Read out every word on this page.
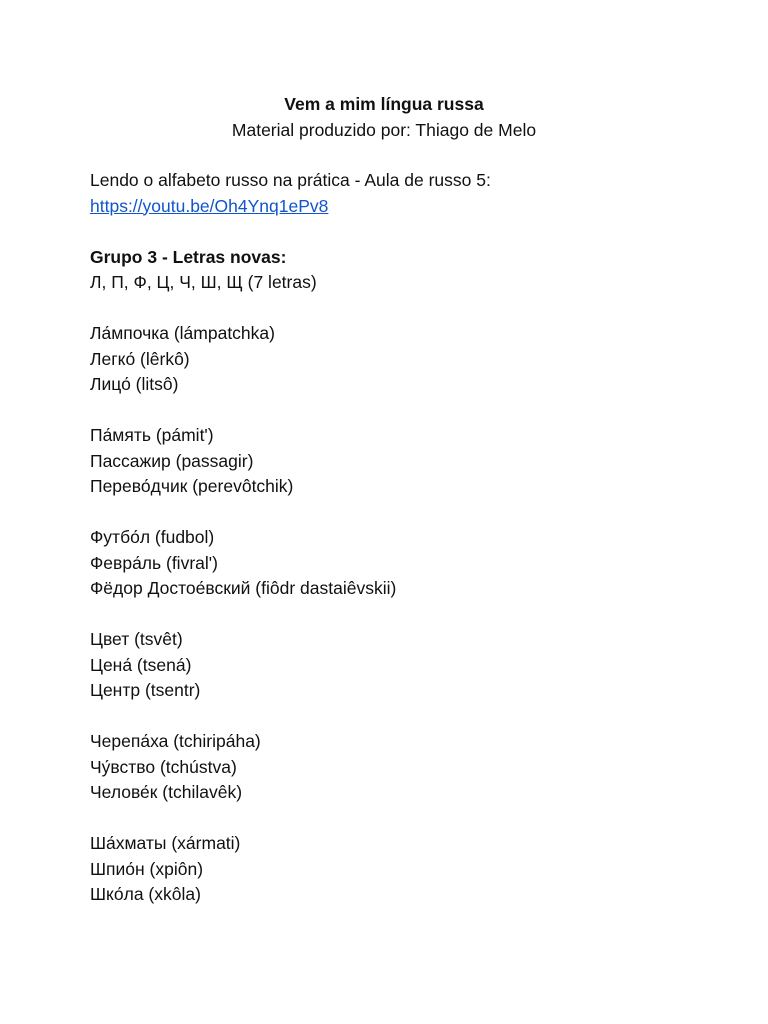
Vem a mim língua russa
Material produzido por: Thiago de Melo
Lendo o alfabeto russo na prática - Aula de russo 5:
https://youtu.be/Oh4Ynq1ePv8
Grupo 3 - Letras novas:
Л, П, Ф, Ц, Ч, Ш, Щ (7 letras)
Ла́мпочка (lámpatchka)
Легко́ (lêrkô)
Лицо́ (litsô)
Па́мять (pámit')
Пассажир (passagir)
Перево́дчик (perevôtchik)
Футбо́л (fudbol)
Февра́ль (fivral')
Фёдор Достое́вский (fiôdr dastaiêvskii)
Цвет (tsvêt)
Цена́ (tsená)
Центр (tsentr)
Черепа́ха (tchiripáha)
Чу́вство (tchústva)
Челове́к (tchilavêk)
Ша́хматы (xármati)
Шпио́н (xpiôn)
Шко́ла (xkôla)
